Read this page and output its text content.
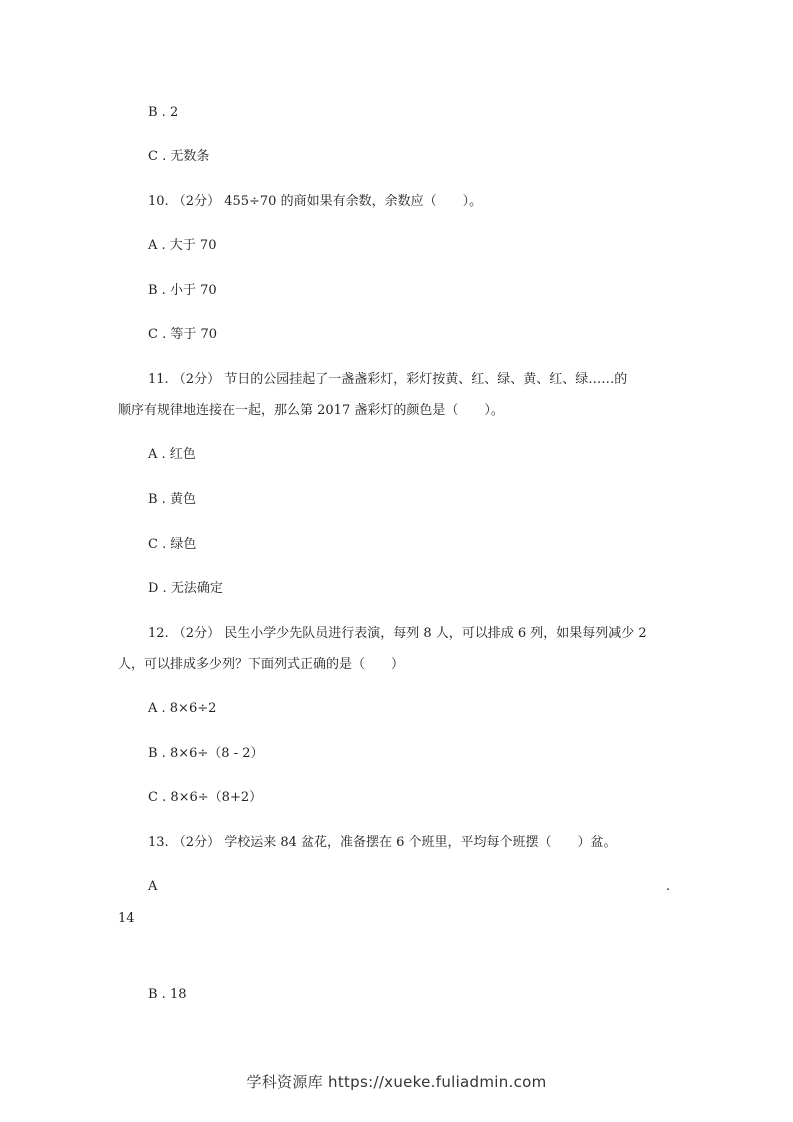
B . 2
C . 无数条
10. （2分） 455÷70 的商如果有余数，余数应（　　）。
A . 大于 70
B . 小于 70
C . 等于 70
11. （2分） 节日的公园挂起了一盏盏彩灯，彩灯按黄、红、绿、黄、红、绿……的
顺序有规律地连接在一起，那么第 2017 盏彩灯的颜色是（　　）。
A . 红色
B . 黄色
C . 绿色
D . 无法确定
12. （2分） 民生小学少先队员进行表演，每列 8 人，可以排成 6 列，如果每列减少 2
人，可以排成多少列？下面列式正确的是（　　）
A . 8×6÷2
B . 8×6÷（8 - 2）
C . 8×6÷（8+2）
13. （2分） 学校运来 84 盆花，准备摆在 6 个班里，平均每个班摆（　　）盆。
A	.
14
B . 18
学科资源库 https://xueke.fuliadmin.com
